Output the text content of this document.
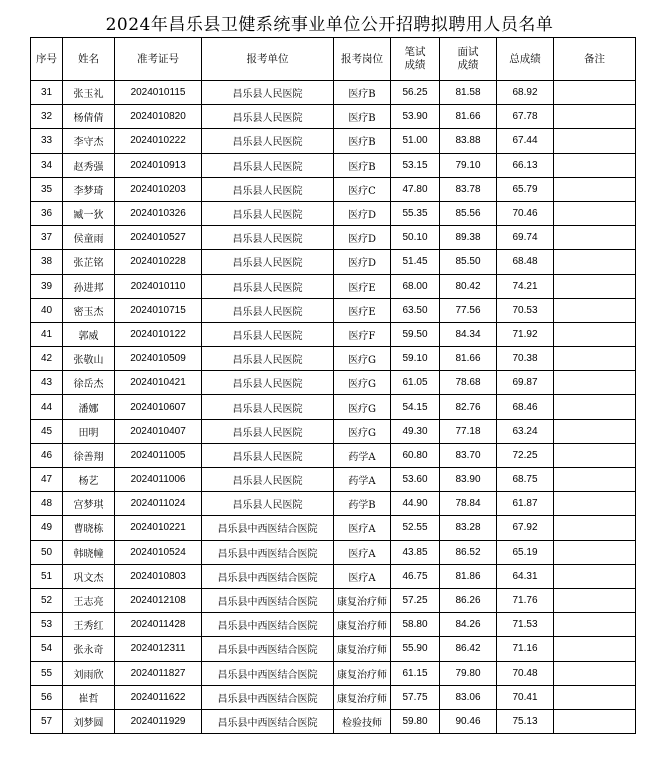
2024年昌乐县卫健系统事业单位公开招聘拟聘用人员名单
序号	姓名	准考证号	报考单位	报考岗位	笔试成绩	面试成绩	总成绩	备注
31	张玉礼	2024010115	昌乐县人民医院	医疗B	56.25	81.58	68.92	
32	杨倩倩	2024010820	昌乐县人民医院	医疗B	53.90	81.66	67.78	
33	李守杰	2024010222	昌乐县人民医院	医疗B	51.00	83.88	67.44	
34	赵秀强	2024010913	昌乐县人民医院	医疗B	53.15	79.10	66.13	
35	李梦琦	2024010203	昌乐县人民医院	医疗C	47.80	83.78	65.79	
36	臧一狄	2024010326	昌乐县人民医院	医疗D	55.35	85.56	70.46	
37	侯童雨	2024010527	昌乐县人民医院	医疗D	50.10	89.38	69.74	
38	张芷铭	2024010228	昌乐县人民医院	医疗D	51.45	85.50	68.48	
39	孙进邦	2024010110	昌乐县人民医院	医疗E	68.00	80.42	74.21	
40	密玉杰	2024010715	昌乐县人民医院	医疗E	63.50	77.56	70.53	
41	郭威	2024010122	昌乐县人民医院	医疗F	59.50	84.34	71.92	
42	张敬山	2024010509	昌乐县人民医院	医疗G	59.10	81.66	70.38	
43	徐岳杰	2024010421	昌乐县人民医院	医疗G	61.05	78.68	69.87	
44	潘娜	2024010607	昌乐县人民医院	医疗G	54.15	82.76	68.46	
45	田明	2024010407	昌乐县人民医院	医疗G	49.30	77.18	63.24	
46	徐善翔	2024011005	昌乐县人民医院	药学A	60.80	83.70	72.25	
47	杨艺	2024011006	昌乐县人民医院	药学A	53.60	83.90	68.75	
48	宫梦琪	2024011024	昌乐县人民医院	药学B	44.90	78.84	61.87	
49	曹晓栋	2024010221	昌乐县中西医结合医院	医疗A	52.55	83.28	67.92	
50	韩晓幢	2024010524	昌乐县中西医结合医院	医疗A	43.85	86.52	65.19	
51	巩文杰	2024010803	昌乐县中西医结合医院	医疗A	46.75	81.86	64.31	
52	王志亮	2024012108	昌乐县中西医结合医院	康复治疗师	57.25	86.26	71.76	
53	王秀红	2024011428	昌乐县中西医结合医院	康复治疗师	58.80	84.26	71.53	
54	张永奇	2024012311	昌乐县中西医结合医院	康复治疗师	55.90	86.42	71.16	
55	刘雨欣	2024011827	昌乐县中西医结合医院	康复治疗师	61.15	79.80	70.48	
56	崔哲	2024011622	昌乐县中西医结合医院	康复治疗师	57.75	83.06	70.41	
57	刘梦圆	2024011929	昌乐县中西医结合医院	检验技师	59.80	90.46	75.13	
